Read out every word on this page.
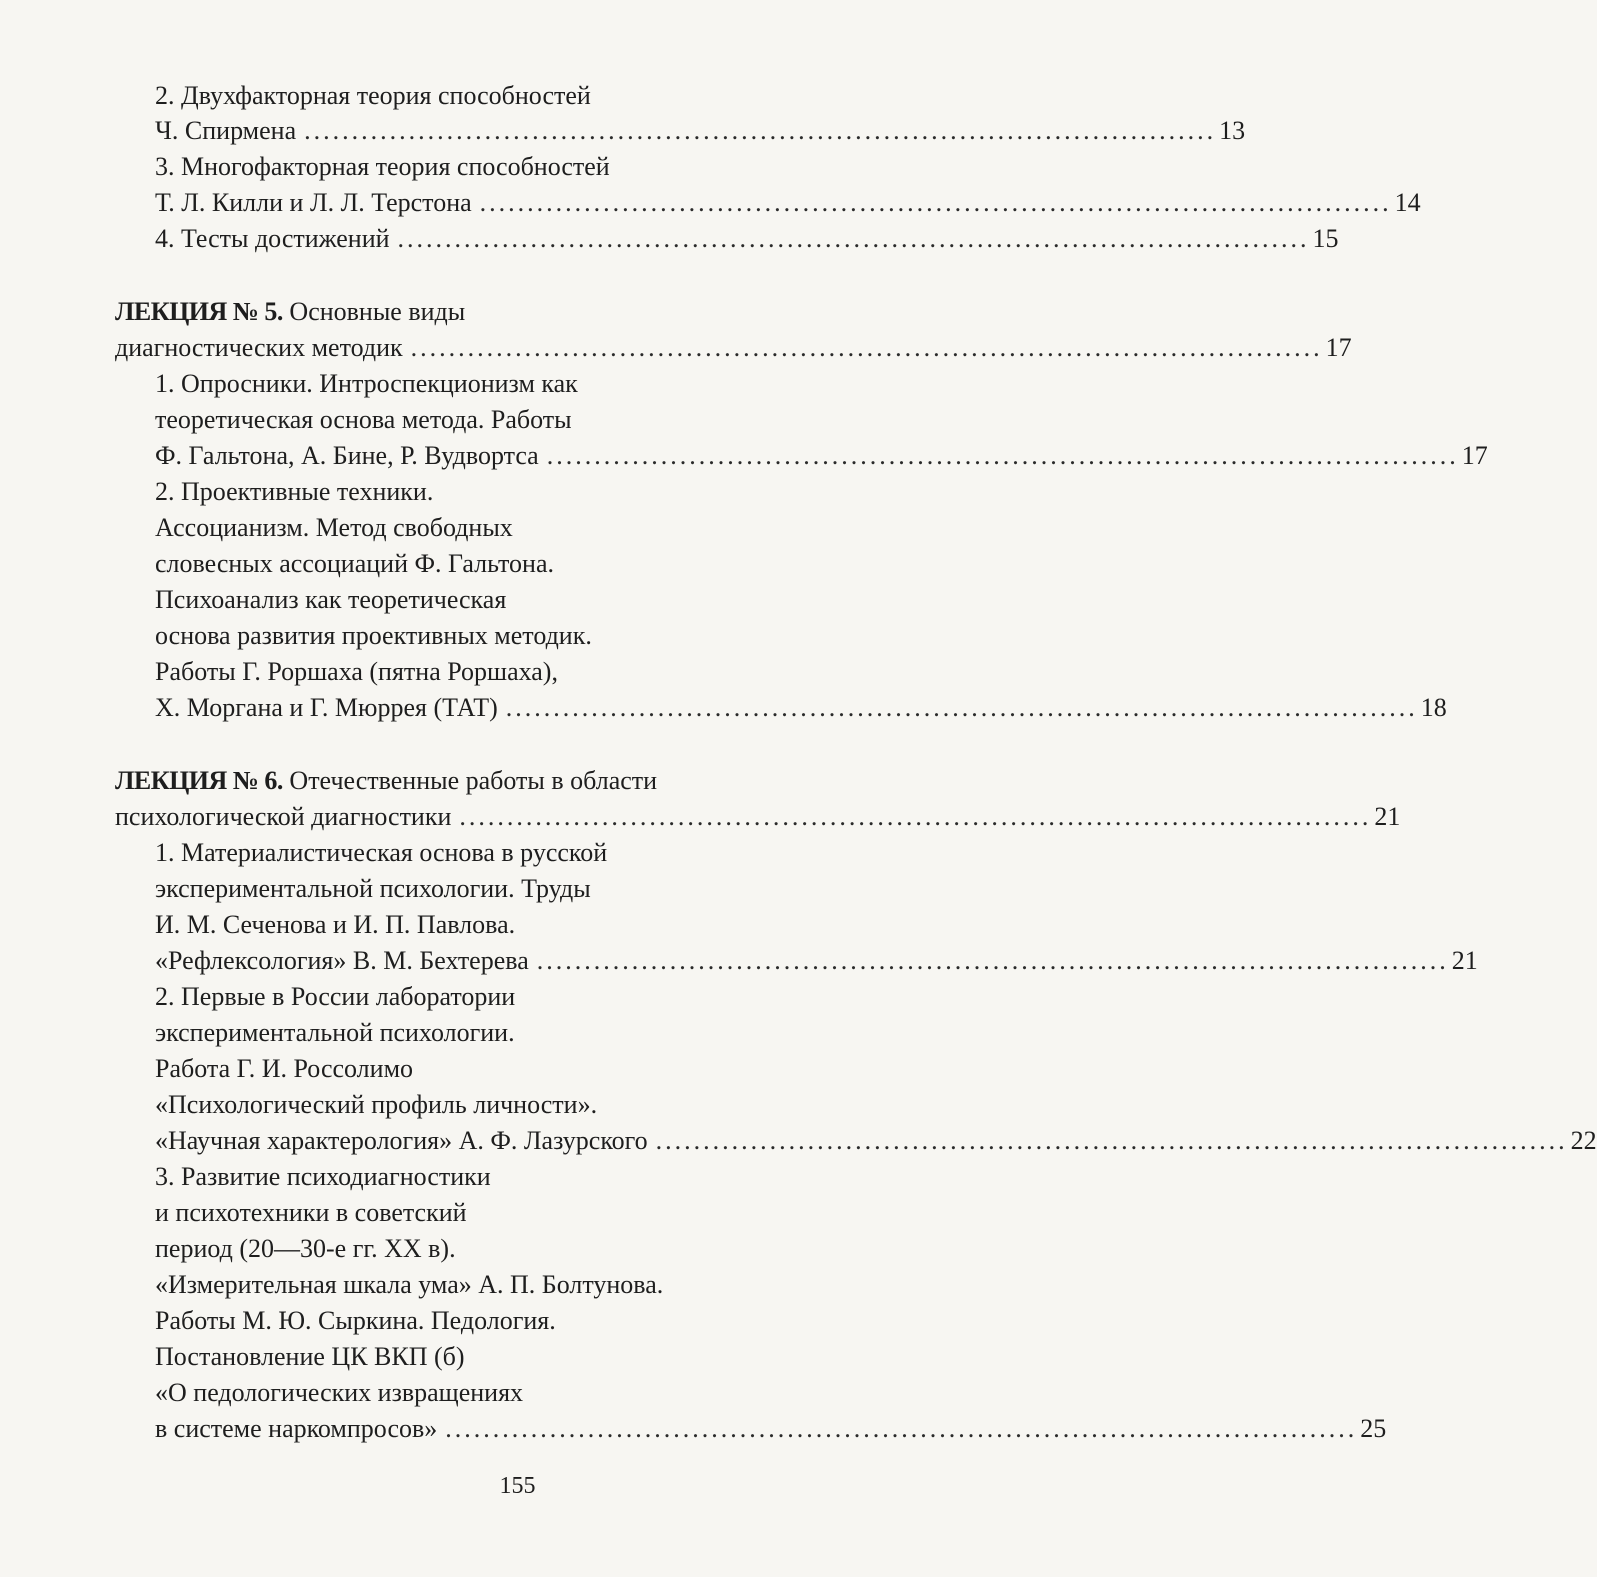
2. Двухфакторная теория способностей
Ч. Спирмена ................................................................................................ 13
3. Многофакторная теория способностей
Т. Л. Килли и Л. Л. Терстона ................................................................................................ 14
4. Тесты достижений ................................................................................................ 15
ЛЕКЦИЯ № 5. Основные виды
диагностических методик ................................................................................................ 17
1. Опросники. Интроспекционизм как
теоретическая основа метода. Работы
Ф. Гальтона, А. Бине, Р. Вудвортса ................................................................................................ 17
2. Проективные техники.
Ассоцианизм. Метод свободных
словесных ассоциаций Ф. Гальтона.
Психоанализ как теоретическая
основа развития проективных методик.
Работы Г. Роршаха (пятна Роршаха),
Х. Моргана и Г. Мюррея (ТАТ) ................................................................................................ 18
ЛЕКЦИЯ № 6. Отечественные работы в области
психологической диагностики ................................................................................................ 21
1. Материалистическая основа в русской
экспериментальной психологии. Труды
И. М. Сеченова и И. П. Павлова.
«Рефлексология» В. М. Бехтерева ................................................................................................ 21
2. Первые в России лаборатории
экспериментальной психологии.
Работа Г. И. Россолимо
«Психологический профиль личности».
«Научная характерология» А. Ф. Лазурского ................................................................................................ 22
3. Развитие психодиагностики
и психотехники в советский
период (20—30-е гг. XX в).
«Измерительная шкала ума» А. П. Болтунова.
Работы М. Ю. Сыркина. Педология.
Постановление ЦК ВКП (б)
«О педологических извращениях
в системе наркомпросов» ................................................................................................ 25
155
